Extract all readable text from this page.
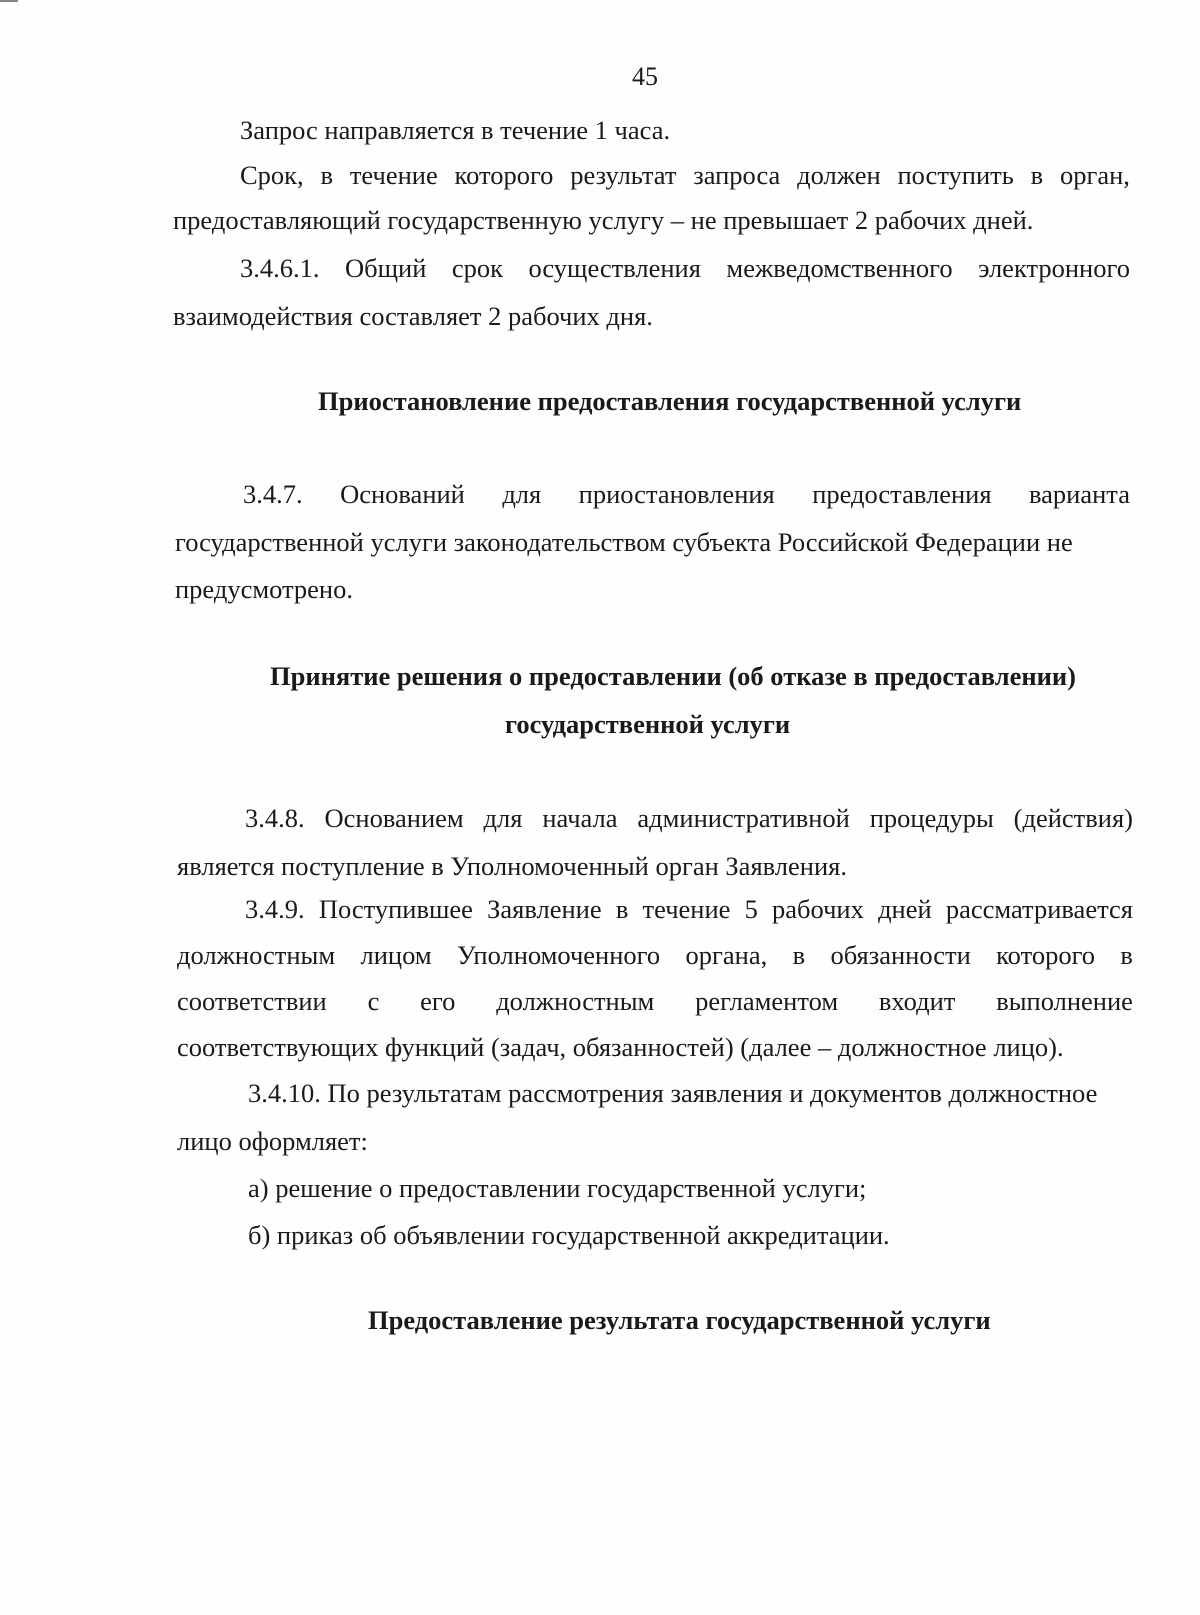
45
Запрос направляется в течение 1 часа.
Срок, в течение которого результат запроса должен поступить в орган,
предоставляющий государственную услугу – не превышает 2 рабочих дней.
3.4.6.1. Общий срок осуществления межведомственного электронного
взаимодействия составляет 2 рабочих дня.
Приостановление предоставления государственной услуги
3.4.7. Оснований для приостановления предоставления варианта
государственной услуги законодательством субъекта Российской Федерации не
предусмотрено.
Принятие решения о предоставлении (об отказе в предоставлении)
государственной услуги
3.4.8. Основанием для начала административной процедуры (действия)
является поступление в Уполномоченный орган Заявления.
3.4.9. Поступившее Заявление в течение 5 рабочих дней рассматривается
должностным лицом Уполномоченного органа, в обязанности которого в
соответствии с его должностным регламентом входит выполнение
соответствующих функций (задач, обязанностей) (далее – должностное лицо).
3.4.10. По результатам рассмотрения заявления и документов должностное
лицо оформляет:
а) решение о предоставлении государственной услуги;
б) приказ об объявлении государственной аккредитации.
Предоставление результата государственной услуги
